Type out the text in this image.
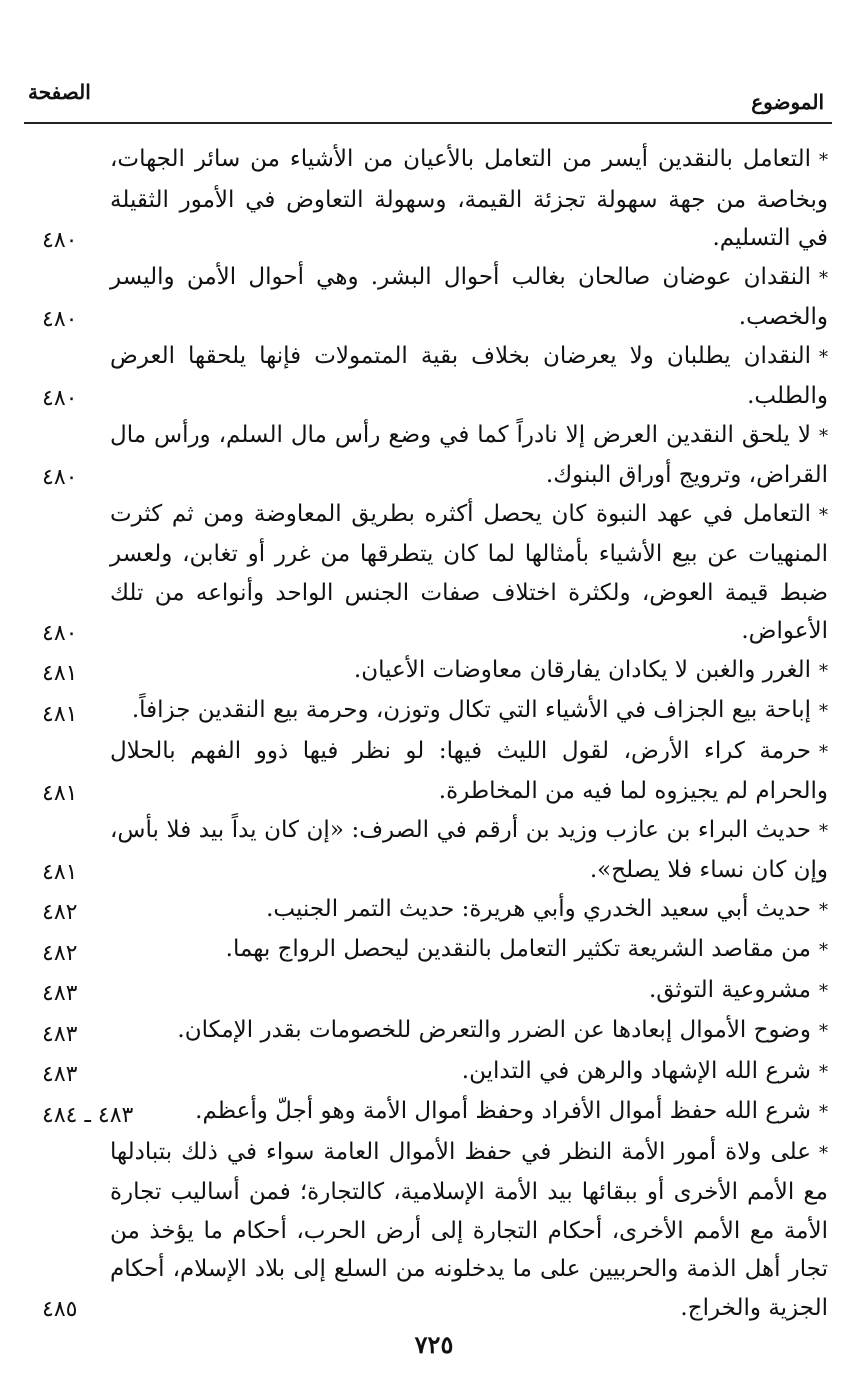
الموضوع
الصفحة
*التعامل بالنقدين أيسر من التعامل بالأعيان من الأشياء من سائر الجهات، وبخاصة من جهة سهولة تجزئة القيمة، وسهولة التعاوض في الأمور الثقيلة في التسليم.
٤٨٠
*النقدان عوضان صالحان بغالب أحوال البشر. وهي أحوال الأمن واليسر والخصب.
٤٨٠
*النقدان يطلبان ولا يعرضان بخلاف بقية المتمولات فإنها يلحقها العرض والطلب.
٤٨٠
*لا يلحق النقدين العرض إلا نادراً كما في وضع رأس مال السلم، ورأس مال القراض، وترويج أوراق البنوك.
٤٨٠
*التعامل في عهد النبوة كان يحصل أكثره بطريق المعاوضة ومن ثم كثرت المنهيات عن بيع الأشياء بأمثالها لما كان يتطرقها من غرر أو تغابن، ولعسر ضبط قيمة العوض، ولكثرة اختلاف صفات الجنس الواحد وأنواعه من تلك الأعواض.
٤٨٠
*الغرر والغبن لا يكادان يفارقان معاوضات الأعيان.
٤٨١
*إباحة بيع الجزاف في الأشياء التي تكال وتوزن، وحرمة بيع النقدين جزافاً.
٤٨١
*حرمة كراء الأرض، لقول الليث فيها: لو نظر فيها ذوو الفهم بالحلال والحرام لم يجيزوه لما فيه من المخاطرة.
٤٨١
*حديث البراء بن عازب وزيد بن أرقم في الصرف: «إن كان يداً بيد فلا بأس، وإن كان نساء فلا يصلح».
٤٨١
*حديث أبي سعيد الخدري وأبي هريرة: حديث التمر الجنيب.
٤٨٢
*من مقاصد الشريعة تكثير التعامل بالنقدين ليحصل الرواج بهما.
٤٨٢
*مشروعية التوثق.
٤٨٣
*وضوح الأموال إبعادها عن الضرر والتعرض للخصومات بقدر الإمكان.
٤٨٣
*شرع الله الإشهاد والرهن في التداين.
٤٨٣
*شرع الله حفظ أموال الأفراد وحفظ أموال الأمة وهو أجلّ وأعظم.
٤٨٣ ـ ٤٨٤
*على ولاة أمور الأمة النظر في حفظ الأموال العامة سواء في ذلك بتبادلها مع الأمم الأخرى أو ببقائها بيد الأمة الإسلامية، كالتجارة؛ فمن أساليب تجارة الأمة مع الأمم الأخرى، أحكام التجارة إلى أرض الحرب، أحكام ما يؤخذ من تجار أهل الذمة والحربيين على ما يدخلونه من السلع إلى بلاد الإسلام، أحكام الجزية والخراج.
٤٨٥
٧٢٥
